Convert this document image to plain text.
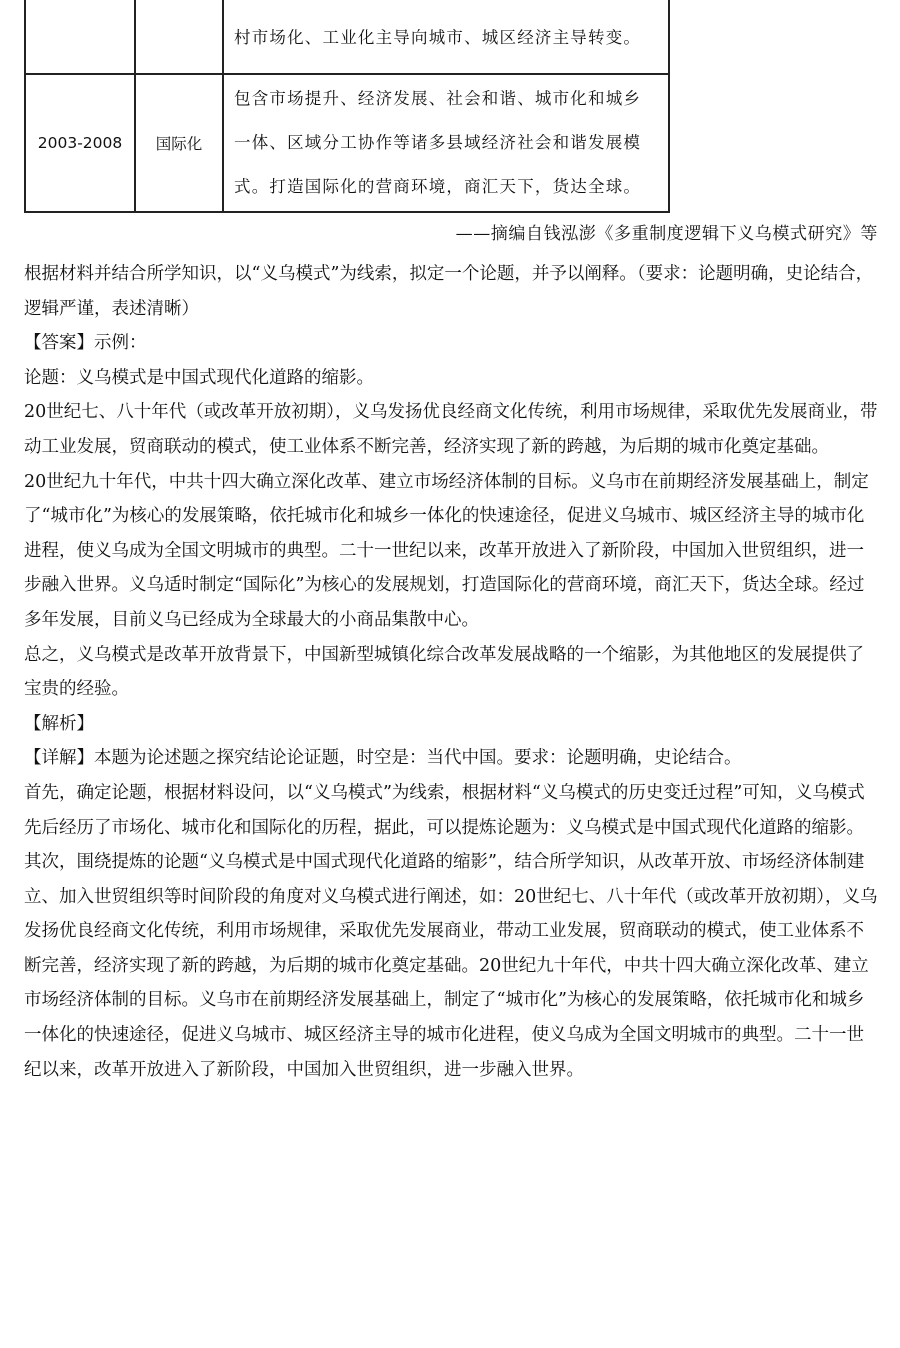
		村市场化、工业化主导向城市、城区经济主导转变。
2003-2008	国际化	包含市场提升、经济发展、社会和谐、城市化和城乡一体、区域分工协作等诸多县域经济社会和谐发展模式。打造国际化的营商环境，商汇天下，货达全球。
——摘编自钱泓澎《多重制度逻辑下义乌模式研究》等

根据材料并结合所学知识，以“义乌模式”为线索，拟定一个论题，并予以阐释。（要求：论题明确，史论结合，逻辑严谨，表述清晰）

【答案】示例：

论题：义乌模式是中国式现代化道路的缩影。

20世纪七、八十年代（或改革开放初期），义乌发扬优良经商文化传统，利用市场规律，采取优先发展商业，带动工业发展，贸商联动的模式，使工业体系不断完善，经济实现了新的跨越，为后期的城市化奠定基础。

20世纪九十年代，中共十四大确立深化改革、建立市场经济体制的目标。义乌市在前期经济发展基础上，制定了“城市化”为核心的发展策略，依托城市化和城乡一体化的快速途径，促进义乌城市、城区经济主导的城市化进程，使义乌成为全国文明城市的典型。二十一世纪以来，改革开放进入了新阶段，中国加入世贸组织，进一步融入世界。义乌适时制定“国际化”为核心的发展规划，打造国际化的营商环境，商汇天下，货达全球。经过多年发展，目前义乌已经成为全球最大的小商品集散中心。

总之，义乌模式是改革开放背景下，中国新型城镇化综合改革发展战略的一个缩影，为其他地区的发展提供了宝贵的经验。

【解析】

【详解】本题为论述题之探究结论论证题，时空是：当代中国。要求：论题明确，史论结合。

首先，确定论题，根据材料设问，以“义乌模式”为线索，根据材料“义乌模式的历史变迁过程”可知，义乌模式先后经历了市场化、城市化和国际化的历程，据此，可以提炼论题为：义乌模式是中国式现代化道路的缩影。

其次，围绕提炼的论题“义乌模式是中国式现代化道路的缩影”，结合所学知识，从改革开放、市场经济体制建立、加入世贸组织等时间阶段的角度对义乌模式进行阐述，如：20世纪七、八十年代（或改革开放初期），义乌发扬优良经商文化传统，利用市场规律，采取优先发展商业，带动工业发展，贸商联动的模式，使工业体系不断完善，经济实现了新的跨越，为后期的城市化奠定基础。20世纪九十年代，中共十四大确立深化改革、建立市场经济体制的目标。义乌市在前期经济发展基础上，制定了“城市化”为核心的发展策略，依托城市化和城乡一体化的快速途径，促进义乌城市、城区经济主导的城市化进程，使义乌成为全国文明城市的典型。二十一世纪以来，改革开放进入了新阶段，中国加入世贸组织，进一步融入世界。
